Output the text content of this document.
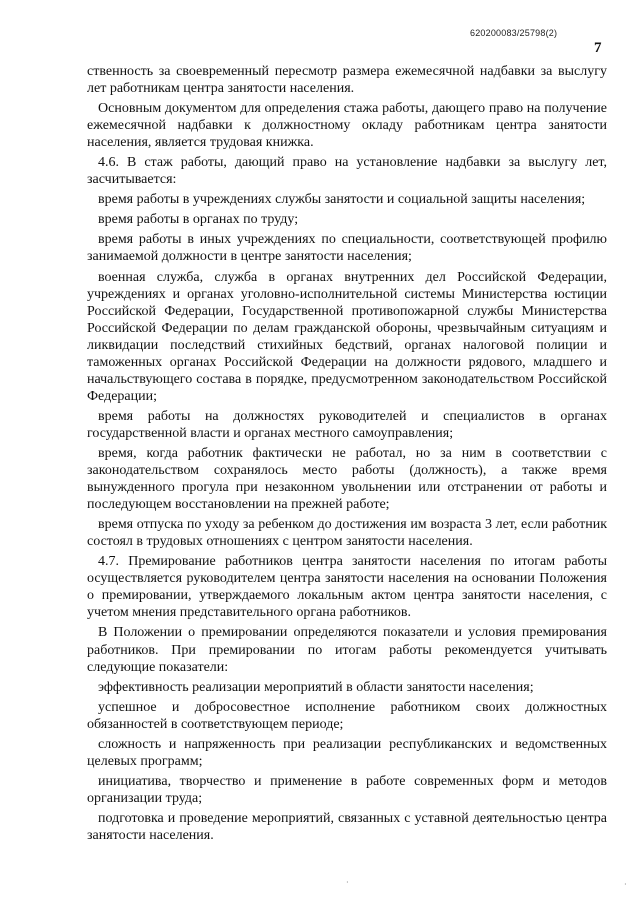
620200083/25798(2)
7

ственность за своевременный пересмотр размера ежемесячной надбавки за выслугу лет работникам центра занятости населения.

Основным документом для определения стажа работы, дающего право на получение ежемесячной надбавки к должностному окладу работникам центра занятости населения, является трудовая книжка.

4.6. В стаж работы, дающий право на установление надбавки за выслугу лет, засчитывается:

время работы в учреждениях службы занятости и социальной защиты населения;

время работы в органах по труду;

время работы в иных учреждениях по специальности, соответствующей профилю занимаемой должности в центре занятости населения;

военная служба, служба в органах внутренних дел Российской Федерации, учреждениях и органах уголовно-исполнительной системы Министерства юстиции Российской Федерации, Государственной противопожарной службы Министерства Российской Федерации по делам гражданской обороны, чрезвычайным ситуациям и ликвидации последствий стихийных бедствий, органах налоговой полиции и таможенных органах Российской Федерации на должности рядового, младшего и начальствующего состава в порядке, предусмотренном законодательством Российской Федерации;

время работы на должностях руководителей и специалистов в органах государственной власти и органах местного самоуправления;

время, когда работник фактически не работал, но за ним в соответствии с законодательством сохранялось место работы (должность), а также время вынужденного прогула при незаконном увольнении или отстранении от работы и последующем восстановлении на прежней работе;

время отпуска по уходу за ребенком до достижения им возраста 3 лет, если работник состоял в трудовых отношениях с центром занятости населения.

4.7. Премирование работников центра занятости населения по итогам работы осуществляется руководителем центра занятости населения на основании Положения о премировании, утверждаемого локальным актом центра занятости населения, с учетом мнения представительного органа работников.

В Положении о премировании определяются показатели и условия премирования работников. При премировании по итогам работы рекомендуется учитывать следующие показатели:

эффективность реализации мероприятий в области занятости населения;

успешное и добросовестное исполнение работником своих должностных обязанностей в соответствующем периоде;

сложность и напряженность при реализации республиканских и ведомственных целевых программ;

инициатива, творчество и применение в работе современных форм и методов организации труда;

подготовка и проведение мероприятий, связанных с уставной деятельностью центра занятости населения.

·	·
